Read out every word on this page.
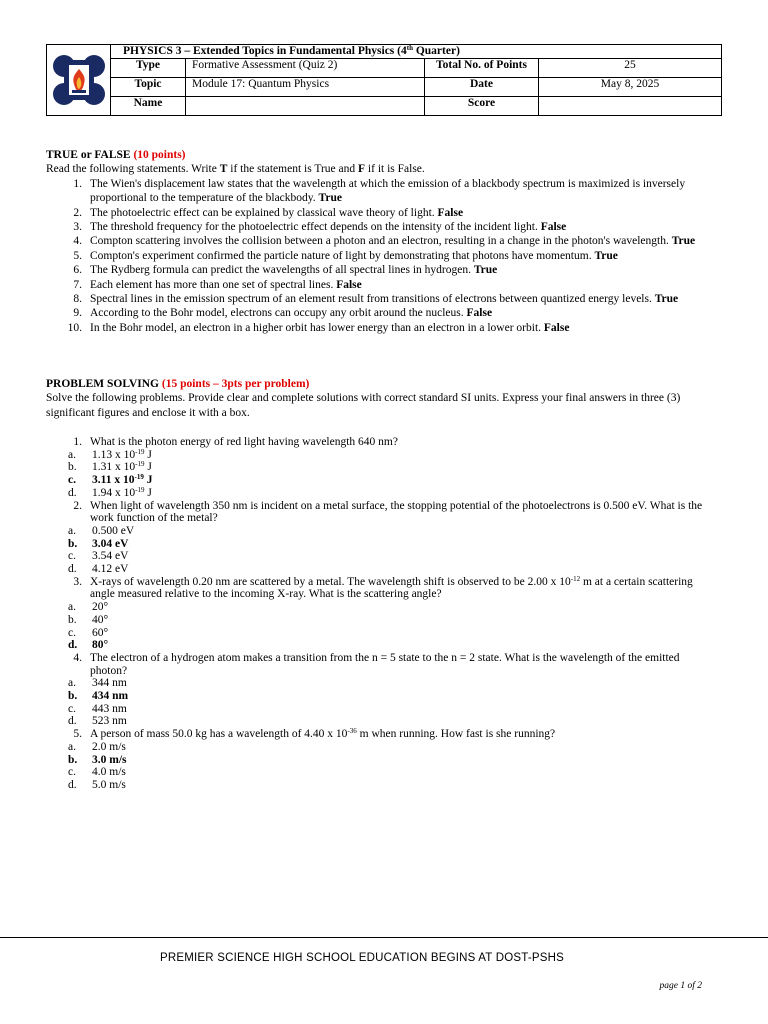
	PHYSICS 3 – Extended Topics in Fundamental Physics (4th Quarter)			
	Type	Formative Assessment (Quiz 2)	Total No. of Points	25
	Topic	Module 17: Quantum Physics	Date	May 8, 2025
	Name		Score	
TRUE or FALSE (10 points)
Read the following statements. Write T if the statement is True and F if it is False.
1. The Wien's displacement law states that the wavelength at which the emission of a blackbody spectrum is maximized is inversely proportional to the temperature of the blackbody. True
2. The photoelectric effect can be explained by classical wave theory of light. False
3. The threshold frequency for the photoelectric effect depends on the intensity of the incident light. False
4. Compton scattering involves the collision between a photon and an electron, resulting in a change in the photon's wavelength. True
5. Compton's experiment confirmed the particle nature of light by demonstrating that photons have momentum. True
6. The Rydberg formula can predict the wavelengths of all spectral lines in hydrogen. True
7. Each element has more than one set of spectral lines. False
8. Spectral lines in the emission spectrum of an element result from transitions of electrons between quantized energy levels. True
9. According to the Bohr model, electrons can occupy any orbit around the nucleus. False
10. In the Bohr model, an electron in a higher orbit has lower energy than an electron in a lower orbit. False
PROBLEM SOLVING (15 points – 3pts per problem)
Solve the following problems. Provide clear and complete solutions with correct standard SI units. Express your final answers in three (3) significant figures and enclose it with a box.
1. What is the photon energy of red light having wavelength 640 nm?
a. 1.13 x $10^{-19}$ J
b. 1.31 x $10^{-19}$ J
c. 3.11 x $10^{-19}$ J
d. 1.94 x $10^{-19}$ J
2. When light of wavelength 350 nm is incident on a metal surface, the stopping potential of the photoelectrons is 0.500 eV. What is the work function of the metal?
a. 0.500 eV
b. 3.04 eV
c. 3.54 eV
d. 4.12 eV
3. X-rays of wavelength 0.20 nm are scattered by a metal. The wavelength shift is observed to be 2.00 x $10^{-12}$ m at a certain scattering angle measured relative to the incoming X-ray. What is the scattering angle?
a. 20°
b. 40°
c. 60°
d. 80°
4. The electron of a hydrogen atom makes a transition from the n = 5 state to the n = 2 state. What is the wavelength of the emitted photon?
a. 344 nm
b. 434 nm
c. 443 nm
d. 523 nm
5. A person of mass 50.0 kg has a wavelength of 4.40 x $10^{-36}$ m when running. How fast is she running?
a. 2.0 m/s
b. 3.0 m/s
c. 4.0 m/s
d. 5.0 m/s
PREMIER SCIENCE HIGH SCHOOL EDUCATION BEGINS AT DOST-PSHS
page 1 of 2
